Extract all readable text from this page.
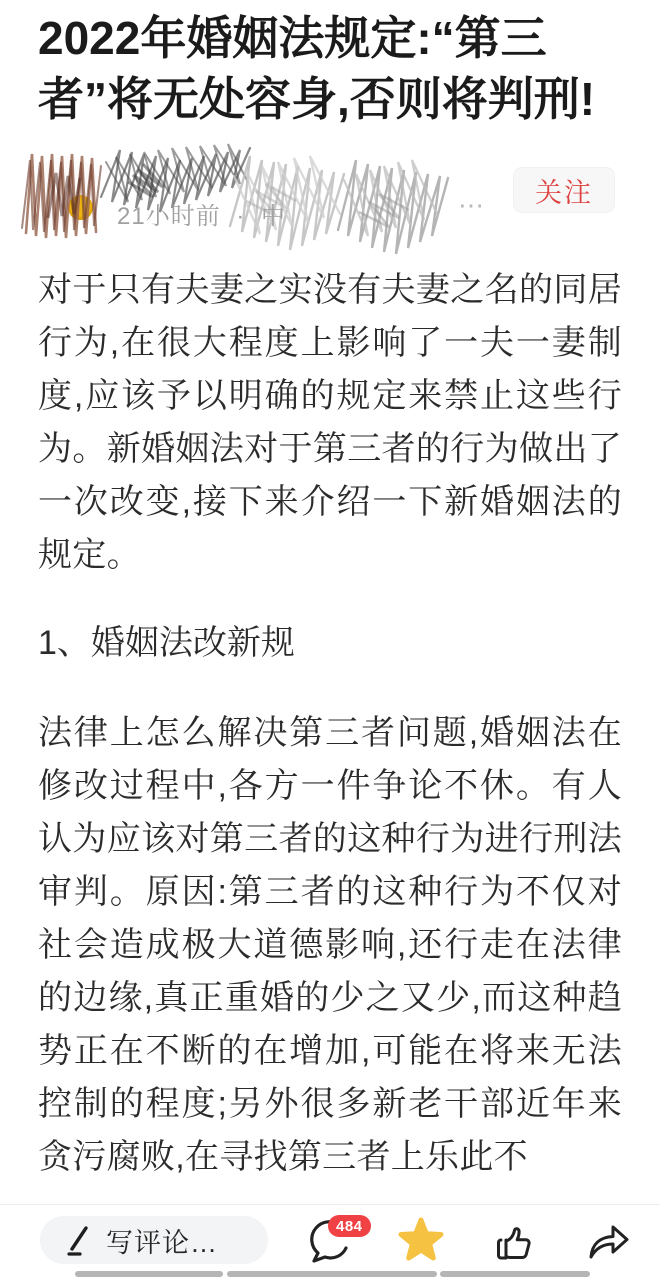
2022年婚姻法规定:“第三者”将无处容身,否则将判刑!
21小时前 · 中	⋯	关注

对于只有夫妻之实没有夫妻之名的同居行为,在很大程度上影响了一夫一妻制度,应该予以明确的规定来禁止这些行为。新婚姻法对于第三者的行为做出了一次改变,接下来介绍一下新婚姻法的规定。

1、婚姻法改新规

法律上怎么解决第三者问题,婚姻法在修改过程中,各方一件争论不休。有人认为应该对第三者的这种行为进行刑法审判。原因:第三者的这种行为不仅对社会造成极大道德影响,还行走在法律的边缘,真正重婚的少之又少,而这种趋势正在不断的在增加,可能在将来无法控制的程度;另外很多新老干部近年来贪污腐败,在寻找第三者上乐此不

写评论…
484
